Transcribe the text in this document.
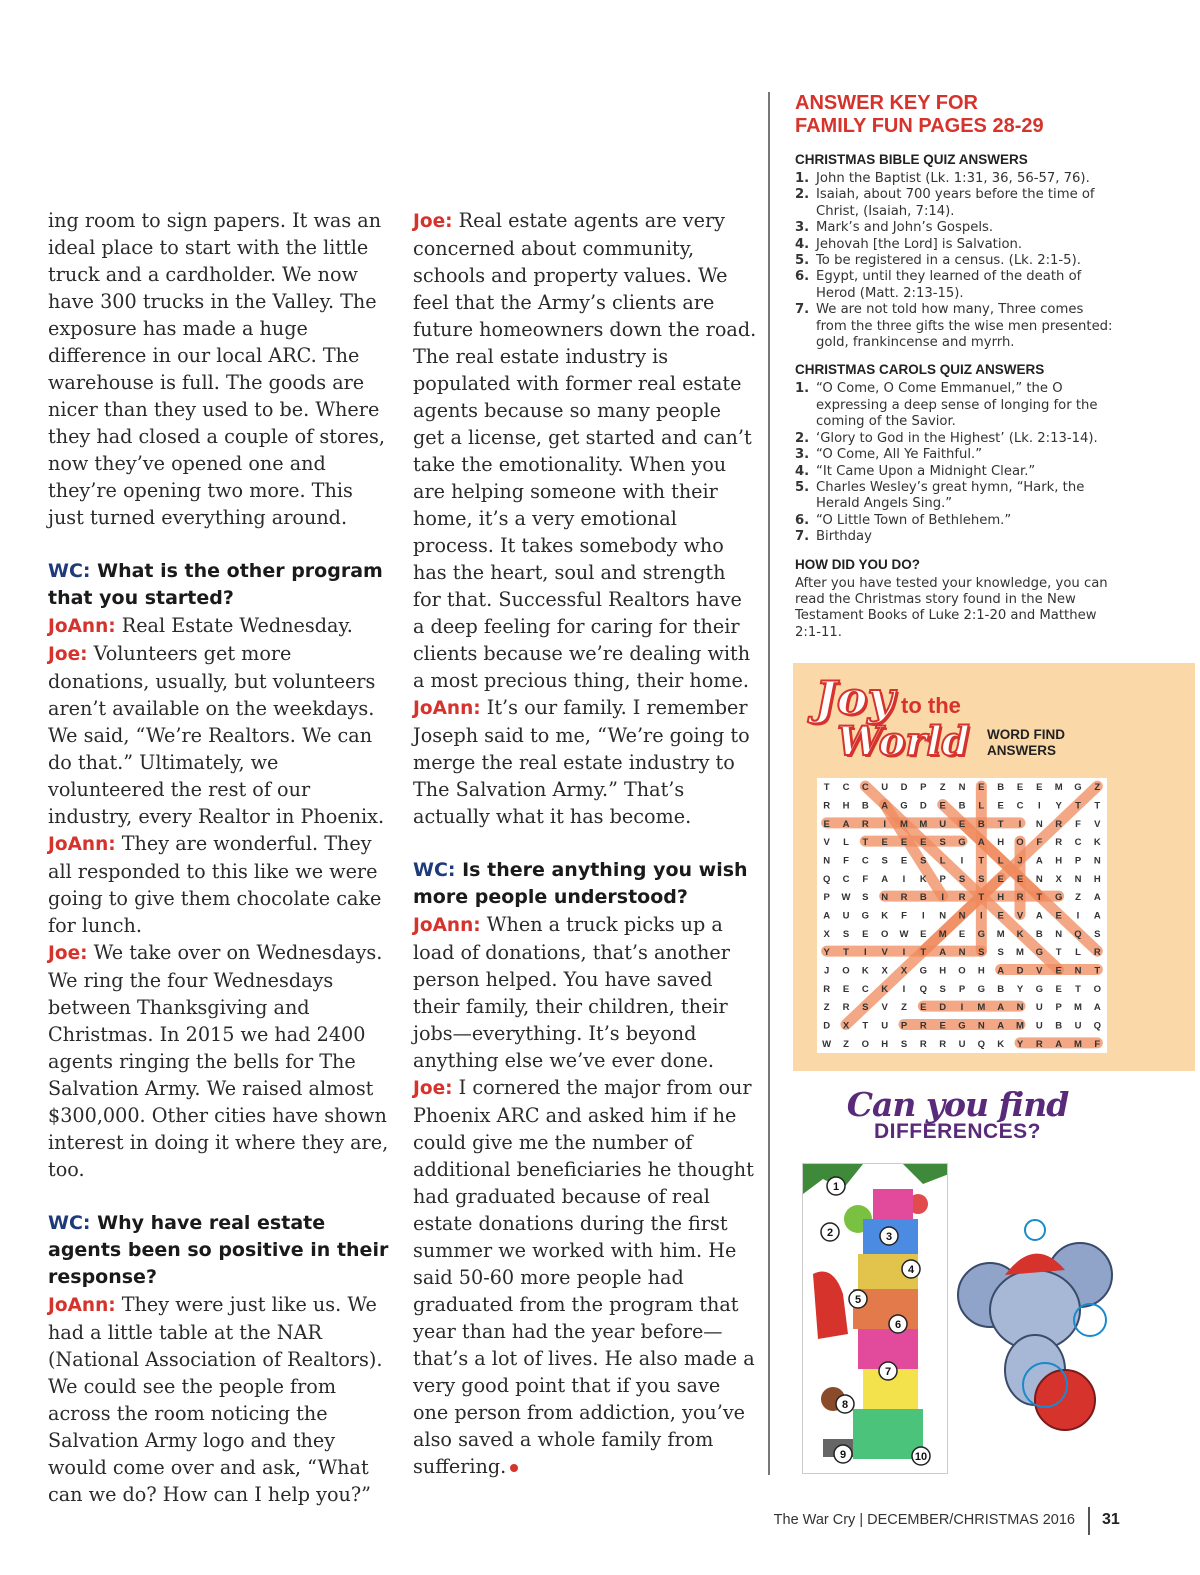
ing room to sign papers. It was an ideal place to start with the little truck and a cardholder. We now have 300 trucks in the Valley. The exposure has made a huge difference in our local ARC. The warehouse is full. The goods are nicer than they used to be. Where they had closed a couple of stores, now they’ve opened one and they’re opening two more. This just turned everything around.

WC: What is the other program that you started?

JoAnn: Real Estate Wednesday.

Joe: Volunteers get more donations, usually, but volunteers aren’t available on the weekdays. We said, “We’re Realtors. We can do that.” Ultimately, we volunteered the rest of our industry, every Realtor in Phoenix.

JoAnn: They are wonderful. They all responded to this like we were going to give them chocolate cake for lunch.

Joe: We take over on Wednesdays. We ring the four Wednesdays between Thanksgiving and Christmas. In 2015 we had 2400 agents ringing the bells for The Salvation Army. We raised almost $300,000. Other cities have shown interest in doing it where they are, too.

WC: Why have real estate agents been so positive in their response?

JoAnn: They were just like us. We had a little table at the NAR (National Association of Realtors). We could see the people from across the room noticing the Salvation Army logo and they would come over and ask, “What can we do? How can I help you?”

Joe: Real estate agents are very concerned about community, schools and property values. We feel that the Army’s clients are future homeowners down the road. The real estate industry is populated with former real estate agents because so many people get a license, get started and can’t take the emotionality. When you are helping someone with their home, it’s a very emotional process. It takes somebody who has the heart, soul and strength for that. Successful Realtors have a deep feeling for caring for their clients because we’re dealing with a most precious thing, their home.

JoAnn: It’s our family. I remember Joseph said to me, “We’re going to merge the real estate industry to The Salvation Army.” That’s actually what it has become.

WC: Is there anything you wish more people understood?

JoAnn: When a truck picks up a load of donations, that’s another person helped. You have saved their family, their children, their jobs—everything. It’s beyond anything else we’ve ever done.

Joe: I cornered the major from our Phoenix ARC and asked him if he could give me the number of additional beneficiaries he thought had graduated because of real estate donations during the first summer we worked with him. He said 50-60 more people had graduated from the program that year than had the year before—that’s a lot of lives. He also made a very good point that if you save one person from addiction, you’ve also saved a whole family from suffering.

ANSWER KEY FOR
FAMILY FUN PAGES 28-29
CHRISTMAS BIBLE QUIZ ANSWERS
1. John the Baptist (Lk. 1:31, 36, 56-57, 76).
2. Isaiah, about 700 years before the time of Christ, (Isaiah, 7:14).
3. Mark’s and John’s Gospels.
4. Jehovah [the Lord] is Salvation.
5. To be registered in a census. (Lk. 2:1-5).
6. Egypt, until they learned of the death of Herod (Matt. 2:13-15).
7. We are not told how many, Three comes from the three gifts the wise men presented: gold, frankincense and myrrh.
CHRISTMAS CAROLS QUIZ ANSWERS
1. “O Come, O Come Emmanuel,” the O expressing a deep sense of longing for the coming of the Savior.
2. ‘Glory to God in the Highest’ (Lk. 2:13-14).
3. “O Come, All Ye Faithful.”
4. “It Came Upon a Midnight Clear.”
5. Charles Wesley’s great hymn, “Hark, the Herald Angels Sing.”
6. “O Little Town of Bethlehem.”
7. Birthday
HOW DID YOU DO?
After you have tested your knowledge, you can read the Christmas story found in the New Testament Books of Luke 2:1-20 and Matthew 2:1-11.
Joy to the
World WORD FIND
ANSWERS
T C C U D P Z N E B E E M G Z
R H B A G D E B L E C I Y T T
E A R I M M U E B T I N R F V
V L T E E E S G A H O F R C K
N F C S E S L I T L J A H P N
Q C F A I K P S S E E N X N H
P W S N R B I R T H R T G Z A
A U G K F I N N I E V A E I A
X S E O W E M E G M K B N Q S
Y T I V I T A N S S M G T L R
J O K X X G H O H A D V E N T
R E C K I Q S P G B Y G E T O
Z R S V Z E D I M A N U P M A
D X T U P R E G N A M U B U Q
W Z O H S R R U Q K Y R A M F
Can you find
DIFFERENCES?
1
2	3
4
5
6
7
8
9	10
The War Cry | DECEMBER/CHRISTMAS 2016 31
